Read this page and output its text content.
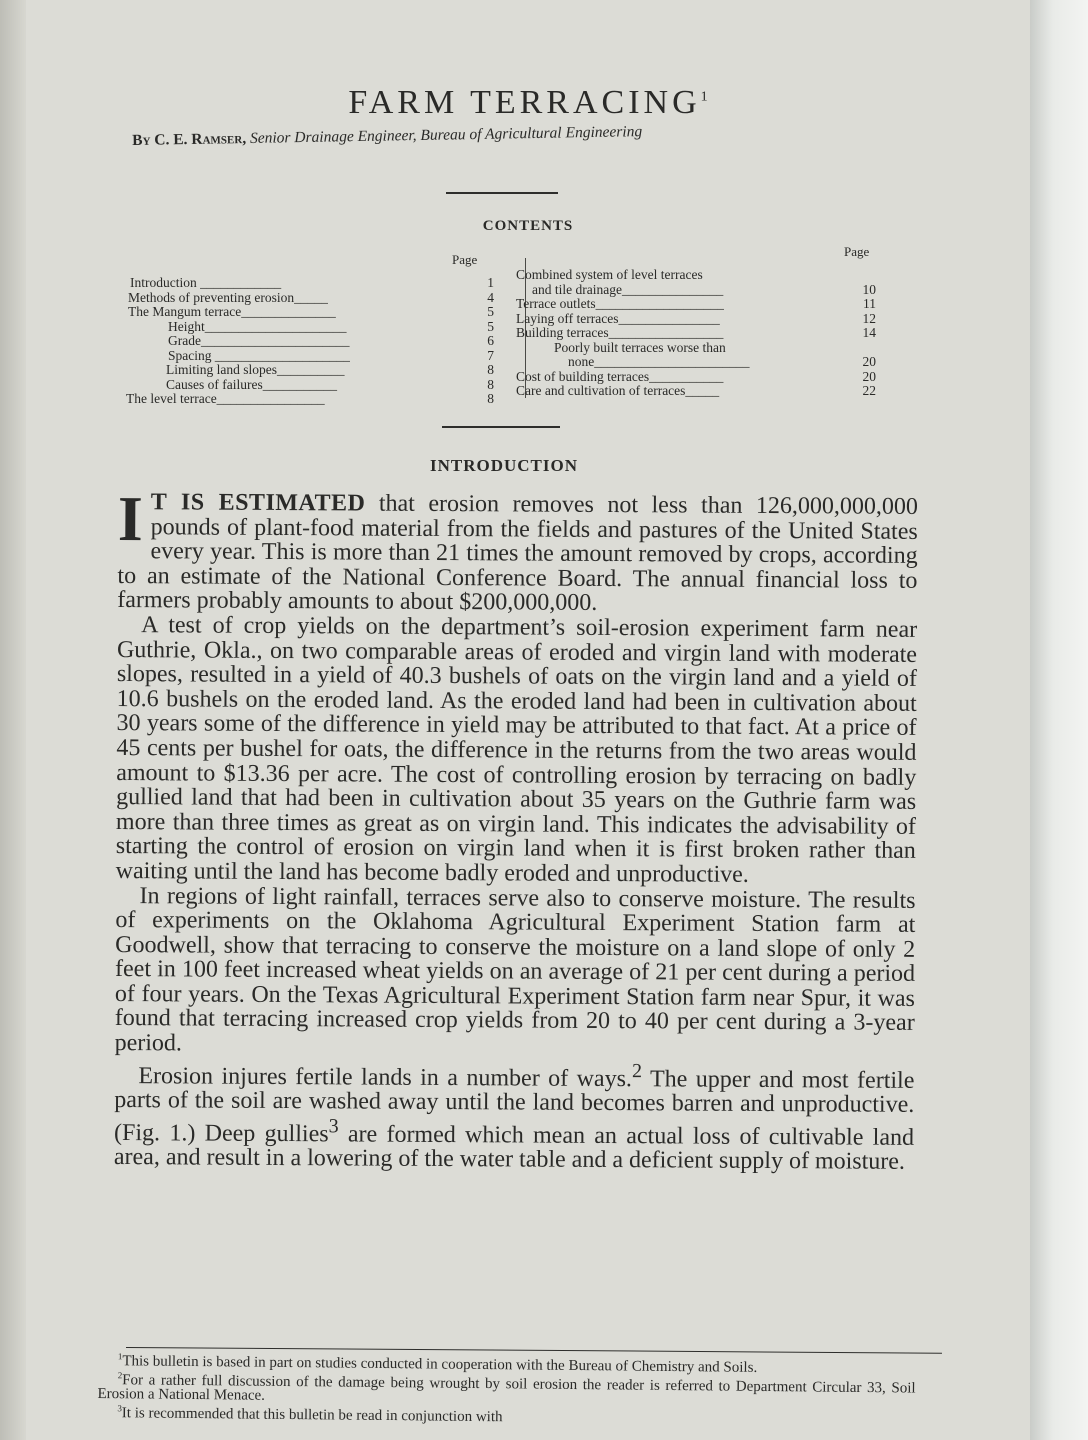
FARM TERRACING$^1$
By C. E. Ramser, Senior Drainage Engineer, Bureau of Agricultural Engineering
CONTENTS
Page
Page
Introduction ____________	1
Methods of preventing erosion_____	4
The Mangum terrace______________	5
Height_____________________	5
Grade______________________	6
Spacing ____________________	7
Limiting land slopes__________	8
Causes of failures___________	8
The level terrace________________	8
Combined system of level terraces
and tile drainage_______________	10
Terrace outlets___________________	11
Laying off terraces_______________	12
Building terraces_________________	14
Poorly built terraces worse than
none_______________________	20
Cost of building terraces___________	20
Care and cultivation of terraces_____	22
INTRODUCTION

I T IS ESTIMATED that erosion removes not less than 126,000,000,000 pounds of plant-food material from the fields and pastures of the United States every year. This is more than 21 times the amount removed by crops, according to an estimate of the National Conference Board. The annual financial loss to farmers probably amounts to about $200,000,000.

A test of crop yields on the department’s soil-erosion experiment farm near Guthrie, Okla., on two comparable areas of eroded and virgin land with moderate slopes, resulted in a yield of 40.3 bushels of oats on the virgin land and a yield of 10.6 bushels on the eroded land. As the eroded land had been in cultivation about 30 years some of the difference in yield may be attributed to that fact. At a price of 45 cents per bushel for oats, the difference in the returns from the two areas would amount to $13.36 per acre. The cost of controlling erosion by terracing on badly gullied land that had been in cultivation about 35 years on the Guthrie farm was more than three times as great as on virgin land. This indicates the advisability of starting the control of erosion on virgin land when it is first broken rather than waiting until the land has become badly eroded and unproductive.

In regions of light rainfall, terraces serve also to conserve moisture. The results of experiments on the Oklahoma Agricultural Experiment Station farm at Goodwell, show that terracing to conserve the moisture on a land slope of only 2 feet in 100 feet increased wheat yields on an average of 21 per cent during a period of four years. On the Texas Agricultural Experiment Station farm near Spur, it was found that terracing increased crop yields from 20 to 40 per cent during a 3-year period.

Erosion injures fertile lands in a number of ways.$^2$ The upper and most fertile parts of the soil are washed away until the land becomes barren and unproductive. (Fig. 1.) Deep gullies$^3$ are formed which mean an actual loss of cultivable land area, and result in a lowering of the water table and a deficient supply of moisture.

$^1$This bulletin is based in part on studies conducted in cooperation with the Bureau of Chemistry and Soils.

$^2$For a rather full discussion of the damage being wrought by soil erosion the reader is referred to Department Circular 33, Soil Erosion a National Menace.

$^3$It is recommended that this bulletin be read in conjunction with
